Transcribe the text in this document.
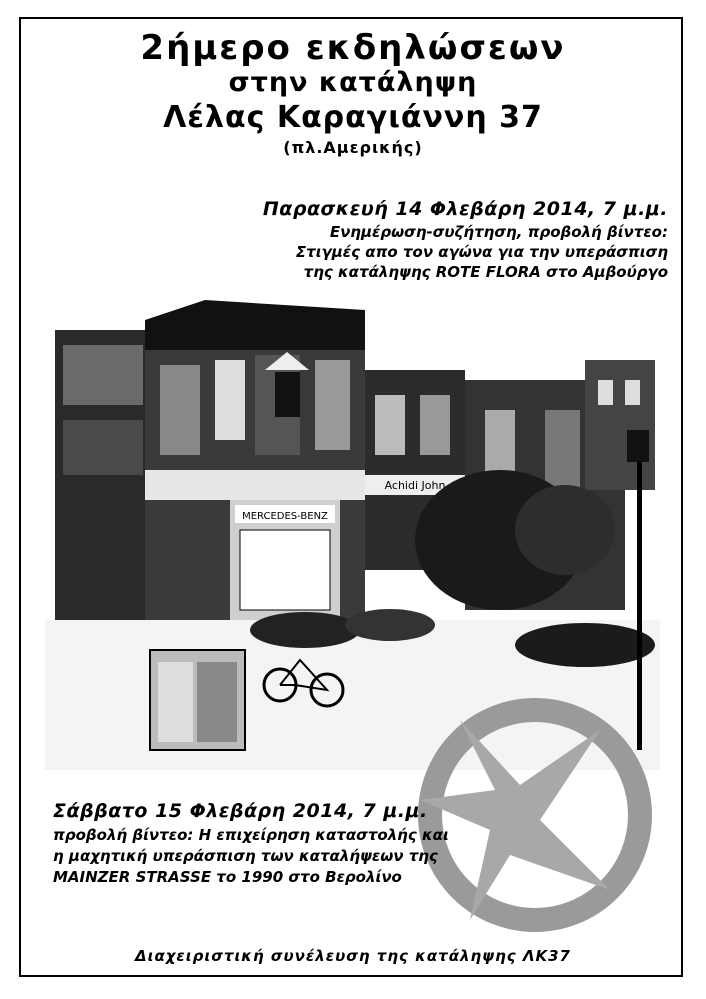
2ήμερο εκδηλώσεων
στην κατάληψη
Λέλας Καραγιάννη 37
(πλ.Αμερικής)
Παρασκευή 14 Φλεβάρη 2014, 7 μ.μ.
Ενημέρωση-συζήτηση, προβολή βίντεο:
Στιγμές απο τον αγώνα για την υπεράσπιση
της κατάληψης ROTE FLORA στο Αμβούργο
MERCEDES-BENZ
Achidi John
Σάββατο 15 Φλεβάρη 2014, 7 μ.μ.
προβολή βίντεο: Η επιχείρηση καταστολής και
η μαχητική υπεράσπιση των καταλήψεων της
MAINZER STRASSE το 1990 στο Βερολίνο
Διαχειριστική συνέλευση της κατάληψης ΛΚ37
